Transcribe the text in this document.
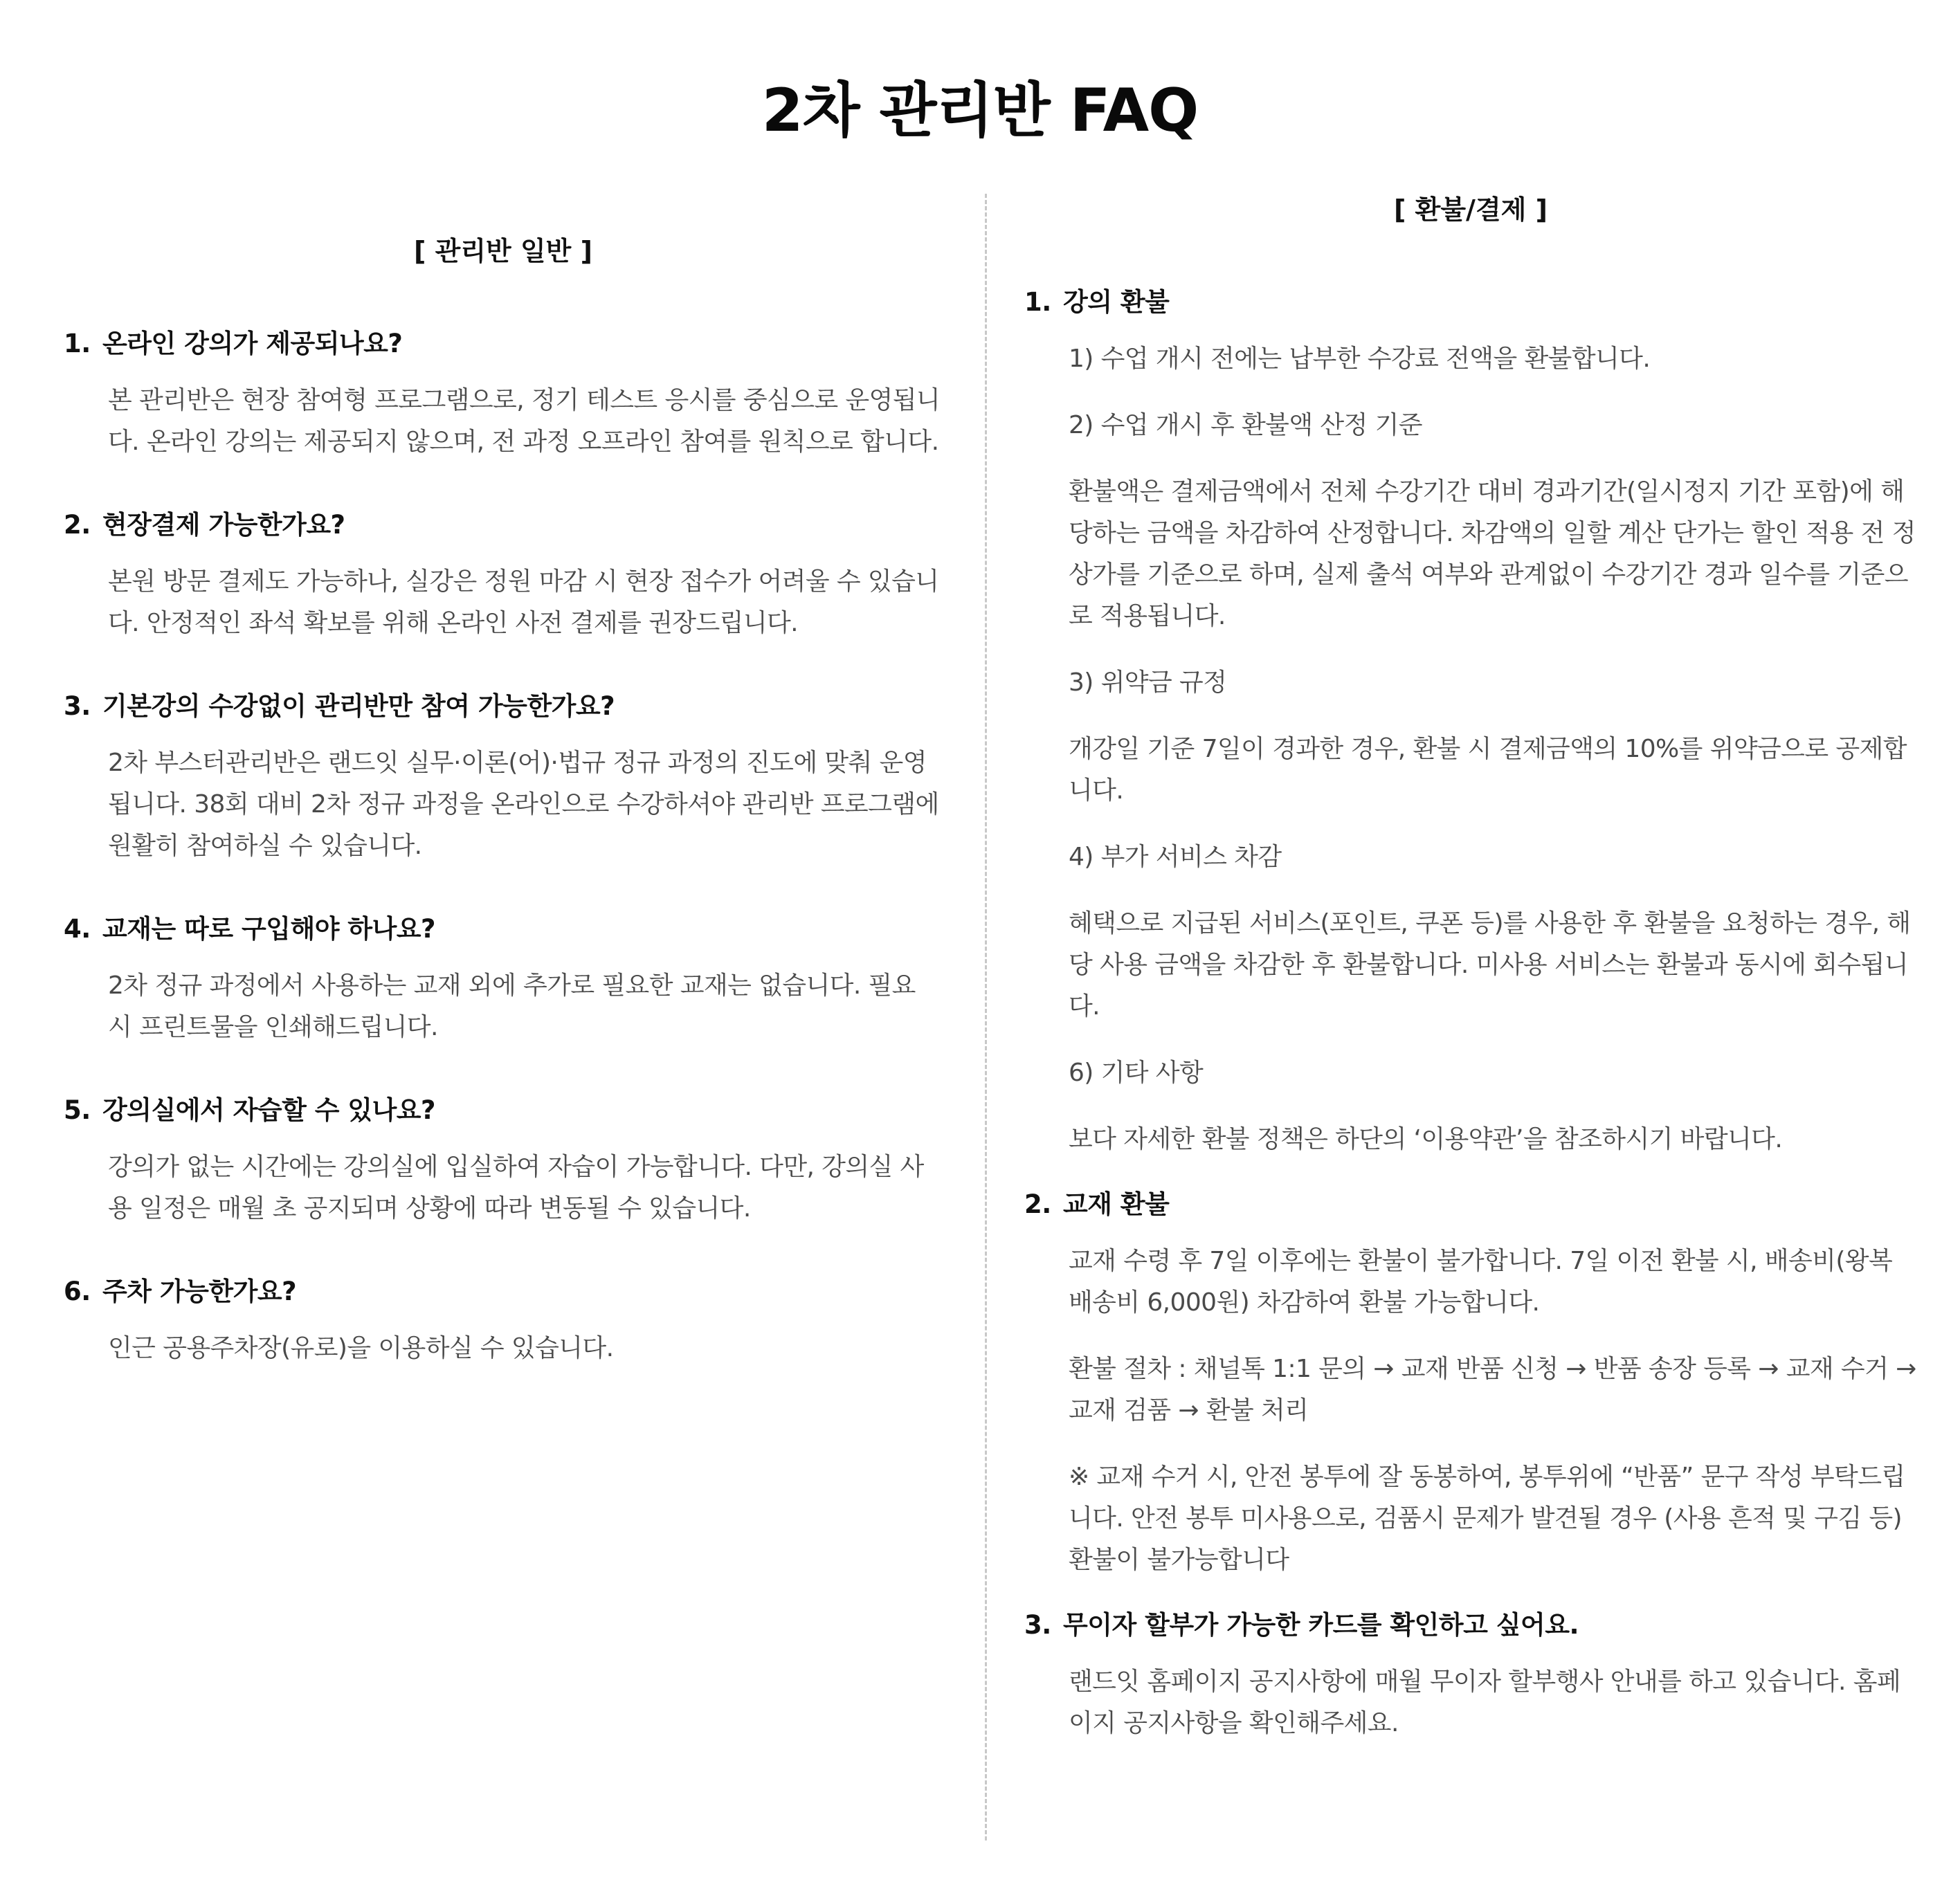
2차 관리반 FAQ
[ 관리반 일반 ]
1. 온라인 강의가 제공되나요?

본 관리반은 현장 참여형 프로그램으로, 정기 테스트 응시를 중심으로 운영됩니다. 온라인 강의는 제공되지 않으며, 전 과정 오프라인 참여를 원칙으로 합니다.

2. 현장결제 가능한가요?

본원 방문 결제도 가능하나, 실강은 정원 마감 시 현장 접수가 어려울 수 있습니다. 안정적인 좌석 확보를 위해 온라인 사전 결제를 권장드립니다.

3. 기본강의 수강없이 관리반만 참여 가능한가요?

2차 부스터관리반은 랜드잇 실무·이론(어)·법규 정규 과정의 진도에 맞춰 운영됩니다. 38회 대비 2차 정규 과정을 온라인으로 수강하셔야 관리반 프로그램에 원활히 참여하실 수 있습니다.

4. 교재는 따로 구입해야 하나요?

2차 정규 과정에서 사용하는 교재 외에 추가로 필요한 교재는 없습니다. 필요 시 프린트물을 인쇄해드립니다.

5. 강의실에서 자습할 수 있나요?

강의가 없는 시간에는 강의실에 입실하여 자습이 가능합니다. 다만, 강의실 사용 일정은 매월 초 공지되며 상황에 따라 변동될 수 있습니다.

6. 주차 가능한가요?

인근 공용주차장(유로)을 이용하실 수 있습니다.

[ 환불/결제 ]
1. 강의 환불

1) 수업 개시 전에는 납부한 수강료 전액을 환불합니다.

2) 수업 개시 후 환불액 산정 기준

환불액은 결제금액에서 전체 수강기간 대비 경과기간(일시정지 기간 포함)에 해당하는 금액을 차감하여 산정합니다. 차감액의 일할 계산 단가는 할인 적용 전 정상가를 기준으로 하며, 실제 출석 여부와 관계없이 수강기간 경과 일수를 기준으로 적용됩니다.

3) 위약금 규정

개강일 기준 7일이 경과한 경우, 환불 시 결제금액의 10%를 위약금으로 공제합니다.

4) 부가 서비스 차감

혜택으로 지급된 서비스(포인트, 쿠폰 등)를 사용한 후 환불을 요청하는 경우, 해당 사용 금액을 차감한 후 환불합니다. 미사용 서비스는 환불과 동시에 회수됩니다.

6) 기타 사항

보다 자세한 환불 정책은 하단의 ‘이용약관’을 참조하시기 바랍니다.

2. 교재 환불

교재 수령 후 7일 이후에는 환불이 불가합니다. 7일 이전 환불 시, 배송비(왕복 배송비 6,000원) 차감하여 환불 가능합니다.

환불 절차 : 채널톡 1:1 문의 → 교재 반품 신청 → 반품 송장 등록 → 교재 수거 → 교재 검품 → 환불 처리

※ 교재 수거 시, 안전 봉투에 잘 동봉하여, 봉투위에 “반품” 문구 작성 부탁드립니다. 안전 봉투 미사용으로, 검품시 문제가 발견될 경우 (사용 흔적 및 구김 등) 환불이 불가능합니다

3. 무이자 할부가 가능한 카드를 확인하고 싶어요.

랜드잇 홈페이지 공지사항에 매월 무이자 할부행사 안내를 하고 있습니다. 홈페이지 공지사항을 확인해주세요.
